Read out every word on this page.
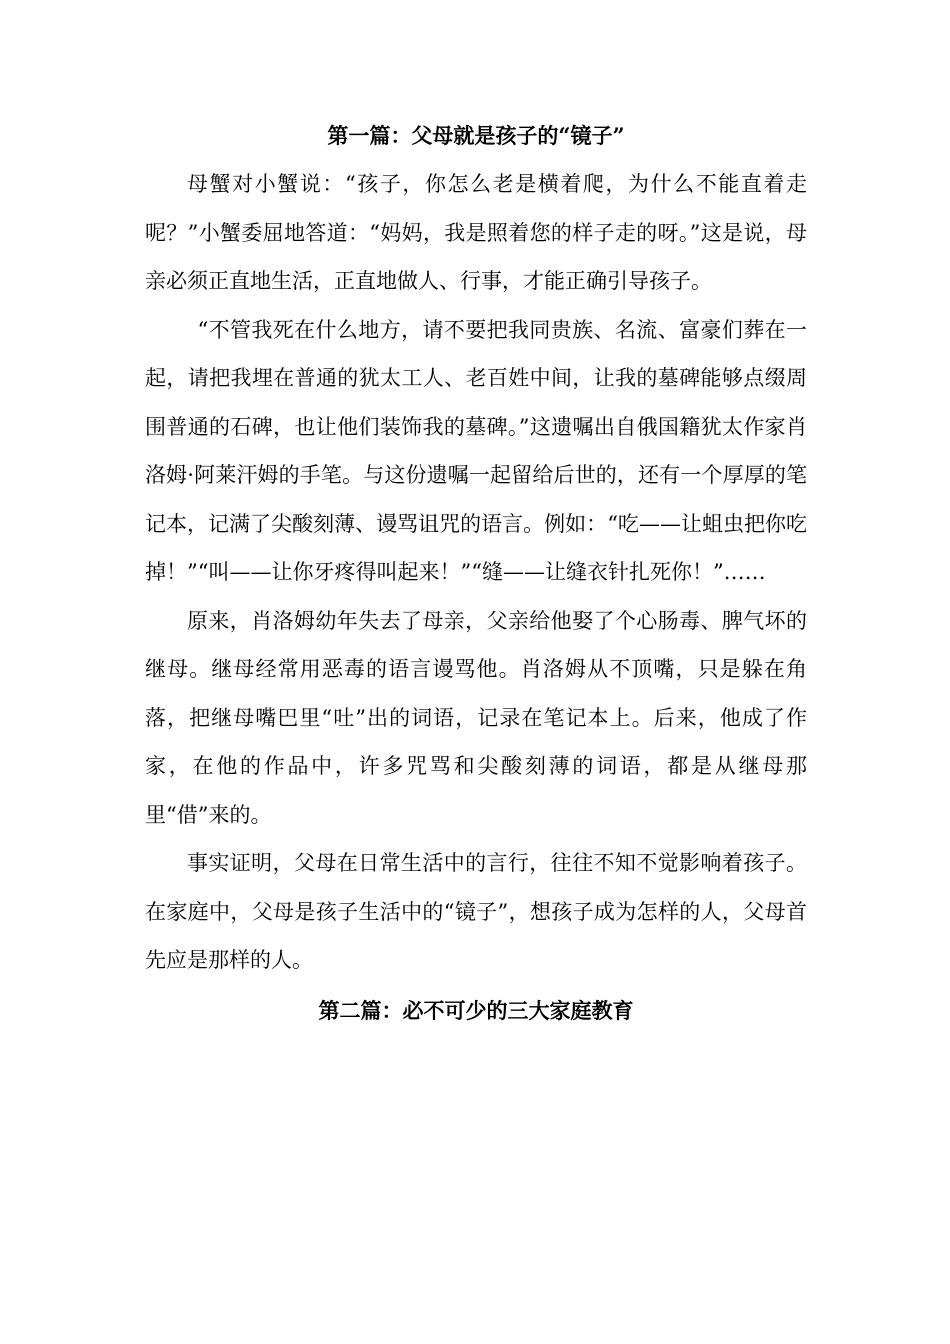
第一篇：父母就是孩子的“镜子”

母蟹对小蟹说：“孩子，你怎么老是横着爬，为什么不能直着走呢？”小蟹委屈地答道：“妈妈，我是照着您的样子走的呀。”这是说，母亲必须正直地生活，正直地做人、行事，才能正确引导孩子。

“不管我死在什么地方，请不要把我同贵族、名流、富豪们葬在一起，请把我埋在普通的犹太工人、老百姓中间，让我的墓碑能够点缀周围普通的石碑，也让他们装饰我的墓碑。”这遗嘱出自俄国籍犹太作家肖洛姆·阿莱汗姆的手笔。与这份遗嘱一起留给后世的，还有一个厚厚的笔记本，记满了尖酸刻薄、谩骂诅咒的语言。例如：“吃——让蛆虫把你吃掉！”“叫——让你牙疼得叫起来！”“缝——让缝衣针扎死你！”……

原来，肖洛姆幼年失去了母亲，父亲给他娶了个心肠毒、脾气坏的继母。继母经常用恶毒的语言谩骂他。肖洛姆从不顶嘴，只是躲在角落，把继母嘴巴里“吐”出的词语，记录在笔记本上。后来，他成了作家，在他的作品中，许多咒骂和尖酸刻薄的词语，都是从继母那里“借”来的。

事实证明，父母在日常生活中的言行，往往不知不觉影响着孩子。在家庭中，父母是孩子生活中的“镜子”，想孩子成为怎样的人，父母首先应是那样的人。

第二篇：必不可少的三大家庭教育
